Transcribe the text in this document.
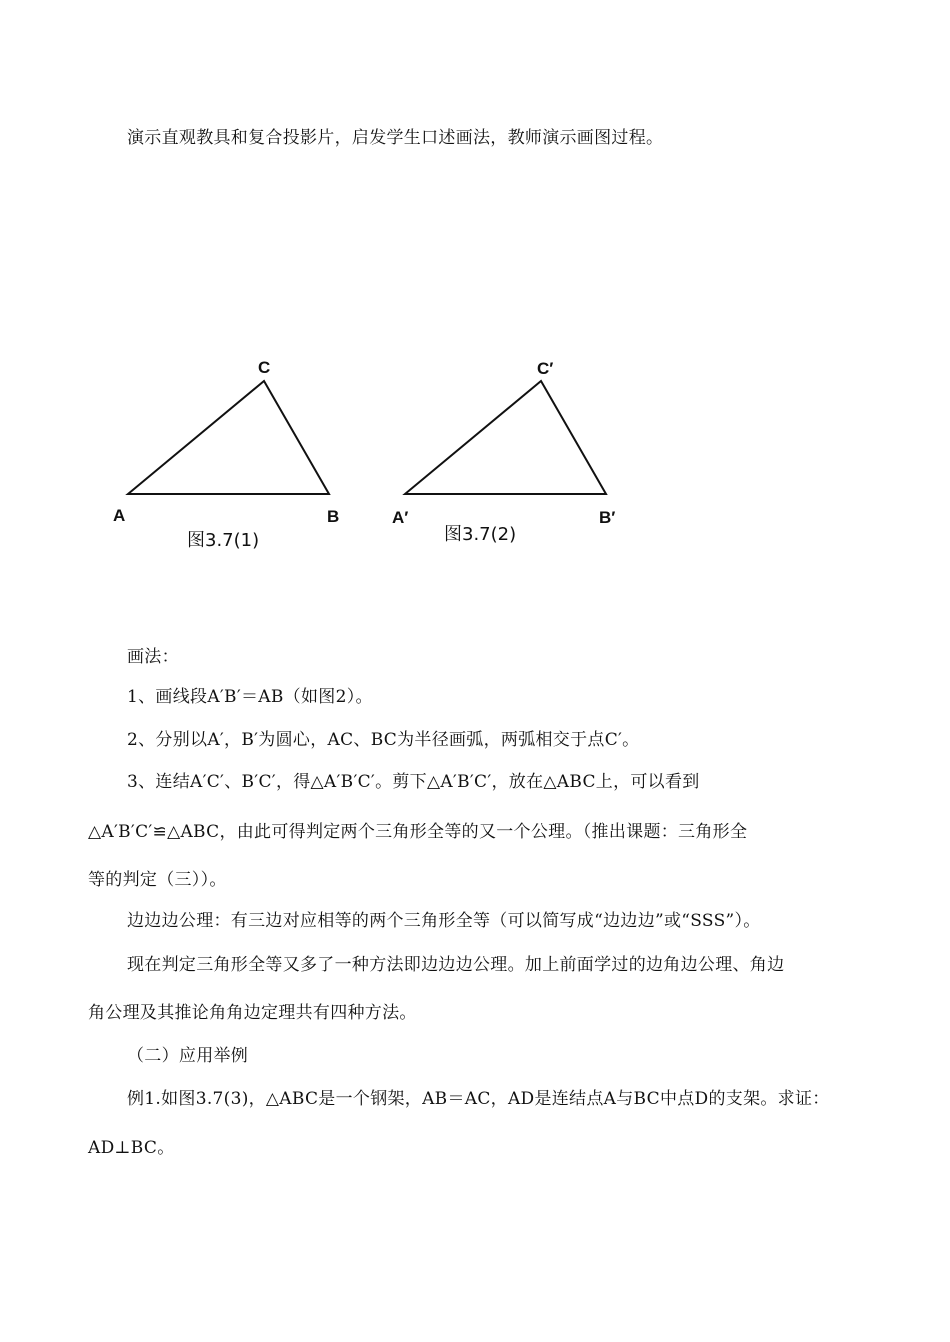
演示直观教具和复合投影片，启发学生口述画法，教师演示画图过程。
A	B
C
图3.7(1)
A′	B′
C′
图3.7(2)
画法：
1、画线段A′B′＝AB（如图2）。
2、分别以A′，B′为圆心，AC、BC为半径画弧，两弧相交于点C′。
3、连结A′C′、B′C′，得△A′B′C′。剪下△A′B′C′，放在△ABC上，可以看到
△A′B′C′≌△ABC，由此可得判定两个三角形全等的又一个公理。（推出课题：三角形全
等的判定（三））。
边边边公理：有三边对应相等的两个三角形全等（可以简写成“边边边”或“SSS”）。
现在判定三角形全等又多了一种方法即边边边公理。加上前面学过的边角边公理、角边
角公理及其推论角角边定理共有四种方法。
（二）应用举例
例1.如图3.7(3)，△ABC是一个钢架，AB＝AC，AD是连结点A与BC中点D的支架。求证：
AD⊥BC。
